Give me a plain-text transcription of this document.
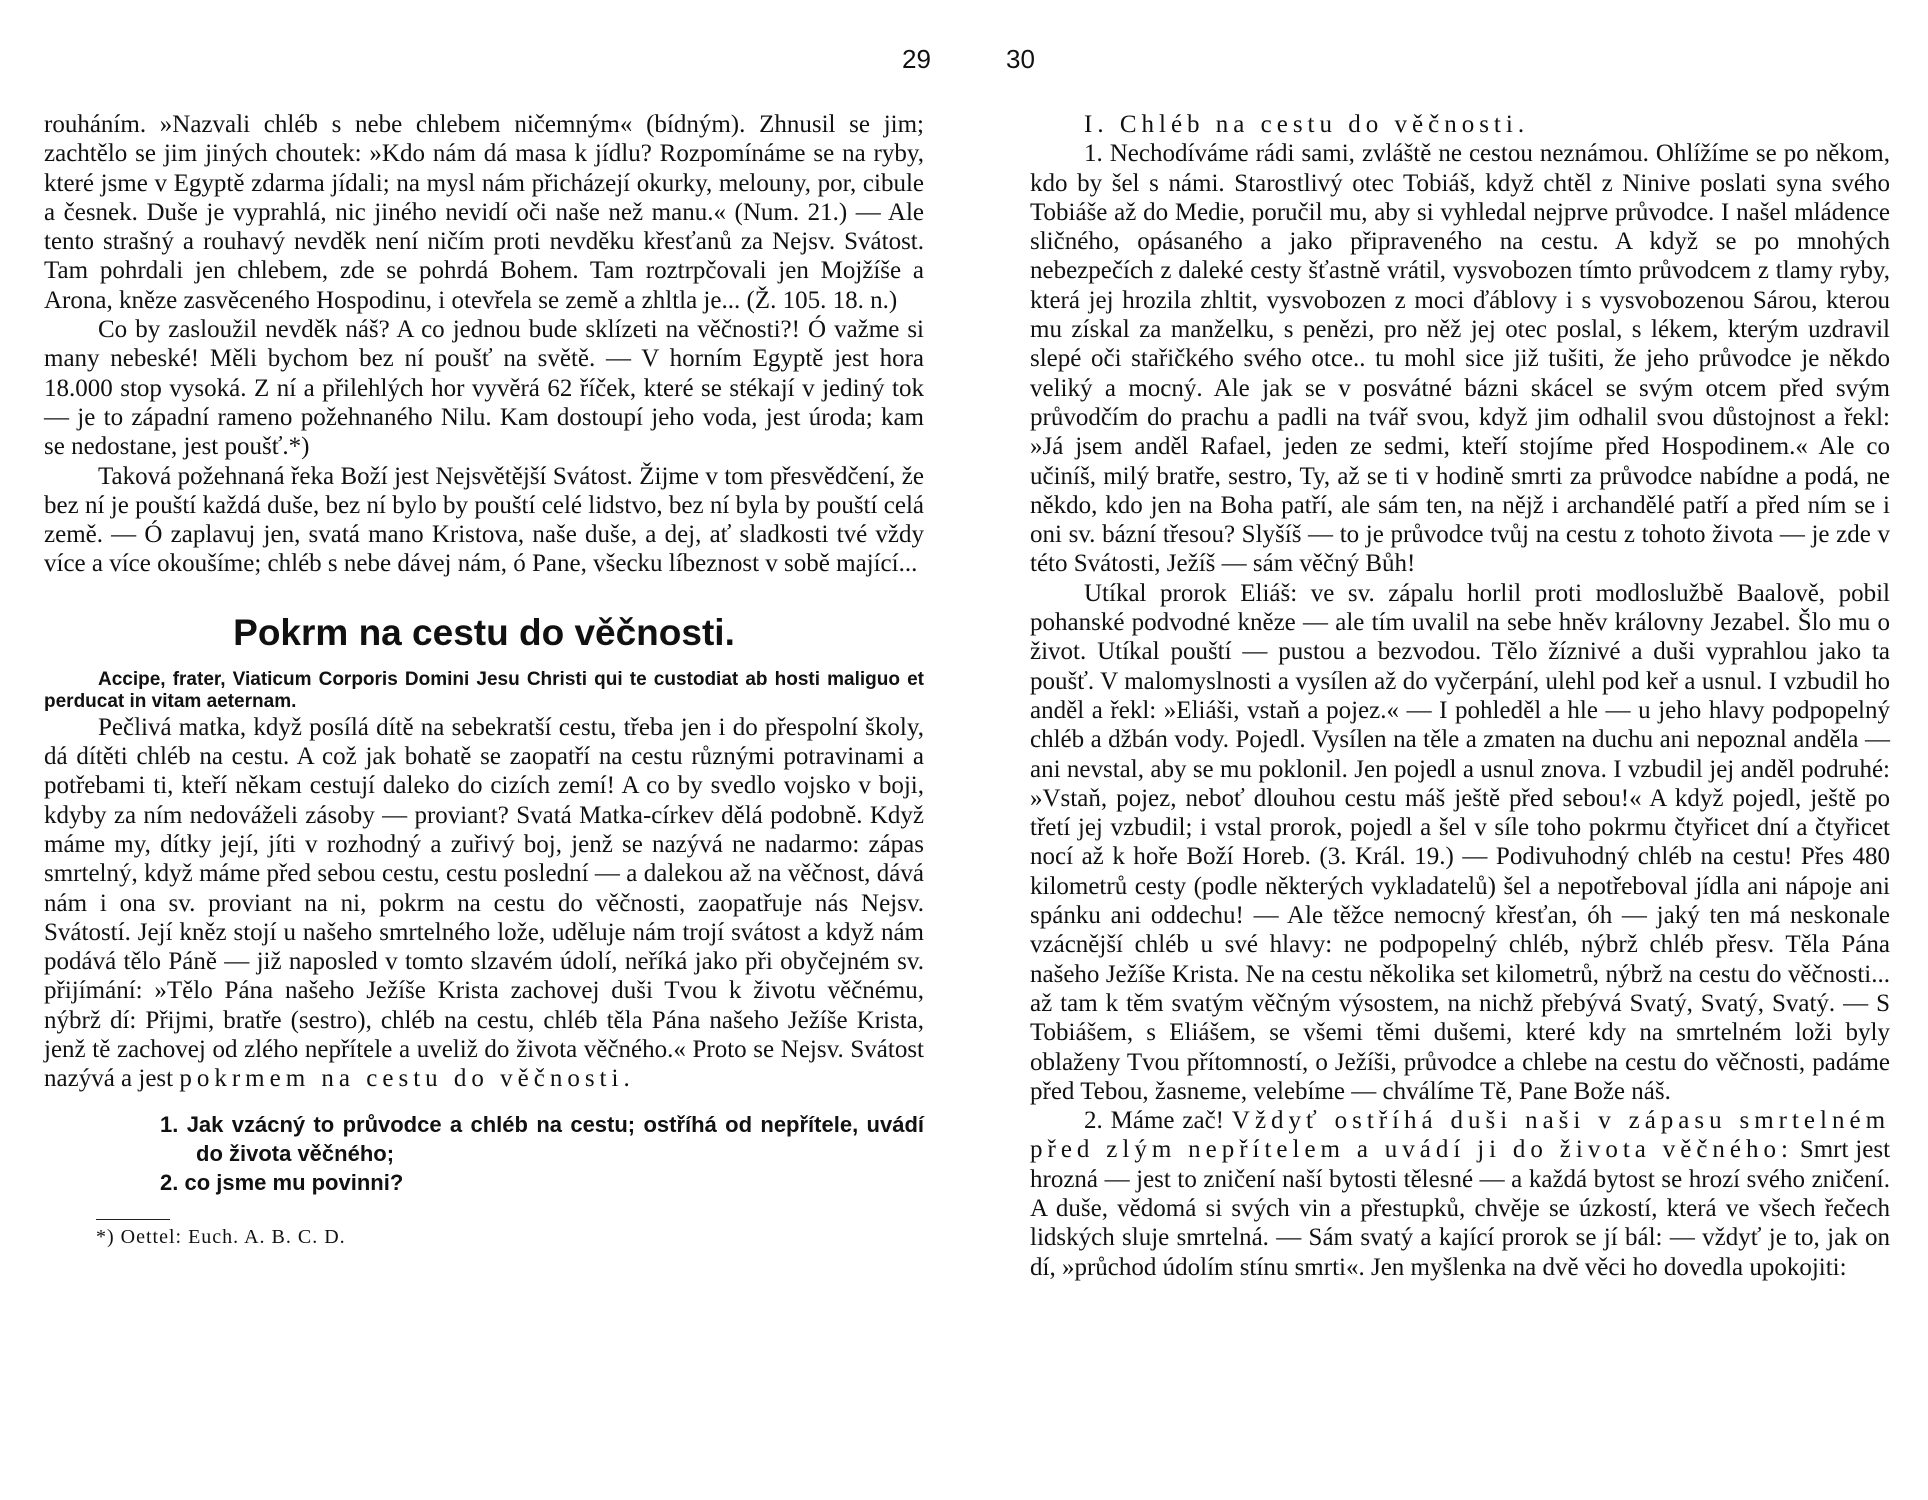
29

rouháním. »Nazvali chléb s nebe chlebem ničemným« (bídným). Zhnusil se jim; zachtělo se jim jiných choutek: »Kdo nám dá masa k jídlu? Rozpomínáme se na ryby, které jsme v Egyptě zdarma jídali; na mysl nám přicházejí okurky, melouny, por, cibule a česnek. Duše je vyprahlá, nic jiného nevidí oči naše než manu.« (Num. 21.) — Ale tento strašný a rouhavý nevděk není ničím proti nevděku křesťanů za Nejsv. Svátost. Tam pohrdali jen chlebem, zde se pohrdá Bohem. Tam roztrpčovali jen Mojžíše a Arona, kněze zasvěceného Hospodinu, i otevřela se země a zhltla je... (Ž. 105. 18. n.)

Co by zasloužil nevděk náš? A co jednou bude sklízeti na věčnosti?! Ó važme si many nebeské! Měli bychom bez ní poušť na světě. — V horním Egyptě jest hora 18.000 stop vysoká. Z ní a přilehlých hor vyvěrá 62 říček, které se stékají v jediný tok — je to západní rameno požehnaného Nilu. Kam dostoupí jeho voda, jest úroda; kam se nedostane, jest poušť.*)

Taková požehnaná řeka Boží jest Nejsvětější Svátost. Žijme v tom přesvědčení, že bez ní je pouští každá duše, bez ní bylo by pouští celé lidstvo, bez ní byla by pouští celá země. — Ó zaplavuj jen, svatá mano Kristova, naše duše, a dej, ať sladkosti tvé vždy více a více okoušíme; chléb s nebe dávej nám, ó Pane, všecku líbeznost v sobě mající...

Pokrm na cestu do věčnosti.

Accipe, frater, Viaticum Corporis Domini Jesu Christi qui te custodiat ab hosti maliguo et perducat in vitam aeternam.

Pečlivá matka, když posílá dítě na sebekratší cestu, třeba jen i do přespolní školy, dá dítěti chléb na cestu. A což jak bohatě se zaopatří na cestu různými potravinami a potřebami ti, kteří někam cestují daleko do cizích zemí! A co by svedlo vojsko v boji, kdyby za ním nedováželi zásoby — proviant? Svatá Matka-církev dělá podobně. Když máme my, dítky její, jíti v rozhodný a zuřivý boj, jenž se nazývá ne nadarmo: zápas smrtelný, když máme před sebou cestu, cestu poslední — a dalekou až na věčnost, dává nám i ona sv. proviant na ni, pokrm na cestu do věčnosti, zaopatřuje nás Nejsv. Svátostí. Její kněz stojí u našeho smrtelného lože, uděluje nám trojí svátost a když nám podává tělo Páně — již naposled v tomto slzavém údolí, neříká jako při obyčejném sv. přijímání: »Tělo Pána našeho Ježíše Krista zachovej duši Tvou k životu věčnému, nýbrž dí: Přijmi, bratře (sestro), chléb na cestu, chléb těla Pána našeho Ježíše Krista, jenž tě zachovej od zlého nepřítele a uveliž do života věčného.« Proto se Nejsv. Svátost nazývá a jest pokrmem na cestu do věčnosti.

1. Jak vzácný to průvodce a chléb na cestu; ostříhá od nepřítele, uvádí do života věčného;
2. co jsme mu povinni?
*) Oettel: Euch. A. B. C. D.
30

I. Chléb na cestu do věčnosti.

1. Nechodíváme rádi sami, zvláště ne cestou neznámou. Ohlížíme se po někom, kdo by šel s námi. Starostlivý otec Tobiáš, když chtěl z Ninive poslati syna svého Tobiáše až do Medie, poručil mu, aby si vyhledal nejprve průvodce. I našel mládence sličného, opásaného a jako připraveného na cestu. A když se po mnohých nebezpečích z daleké cesty šťastně vrátil, vysvobozen tímto průvodcem z tlamy ryby, která jej hrozila zhltit, vysvobozen z moci ďáblovy i s vysvobozenou Sárou, kterou mu získal za manželku, s penězi, pro něž jej otec poslal, s lékem, kterým uzdravil slepé oči stařičkého svého otce.. tu mohl sice již tušiti, že jeho průvodce je někdo veliký a mocný. Ale jak se v posvátné bázni skácel se svým otcem před svým průvodčím do prachu a padli na tvář svou, když jim odhalil svou důstojnost a řekl: »Já jsem anděl Rafael, jeden ze sedmi, kteří stojíme před Hospodinem.« Ale co učiníš, milý bratře, sestro, Ty, až se ti v hodině smrti za průvodce nabídne a podá, ne někdo, kdo jen na Boha patří, ale sám ten, na nějž i archandělé patří a před ním se i oni sv. bázní třesou? Slyšíš — to je průvodce tvůj na cestu z tohoto života — je zde v této Svátosti, Ježíš — sám věčný Bůh!

Utíkal prorok Eliáš: ve sv. zápalu horlil proti modloslužbě Baalově, pobil pohanské podvodné kněze — ale tím uvalil na sebe hněv královny Jezabel. Šlo mu o život. Utíkal pouští — pustou a bezvodou. Tělo žíznivé a duši vyprahlou jako ta poušť. V malomyslnosti a vysílen až do vyčerpání, ulehl pod keř a usnul. I vzbudil ho anděl a řekl: »Eliáši, vstaň a pojez.« — I pohleděl a hle — u jeho hlavy podpopelný chléb a džbán vody. Pojedl. Vysílen na těle a zmaten na duchu ani nepoznal anděla — ani nevstal, aby se mu poklonil. Jen pojedl a usnul znova. I vzbudil jej anděl podruhé: »Vstaň, pojez, neboť dlouhou cestu máš ještě před sebou!« A když pojedl, ještě po třetí jej vzbudil; i vstal prorok, pojedl a šel v síle toho pokrmu čtyřicet dní a čtyřicet nocí až k hoře Boží Horeb. (3. Král. 19.) — Podivuhodný chléb na cestu! Přes 480 kilometrů cesty (podle některých vykladatelů) šel a nepotřeboval jídla ani nápoje ani spánku ani oddechu! — Ale těžce nemocný křesťan, óh — jaký ten má neskonale vzácnější chléb u své hlavy: ne podpopelný chléb, nýbrž chléb přesv. Těla Pána našeho Ježíše Krista. Ne na cestu několika set kilometrů, nýbrž na cestu do věčnosti... až tam k těm svatým věčným výsostem, na nichž přebývá Svatý, Svatý, Svatý. — S Tobiášem, s Eliášem, se všemi těmi dušemi, které kdy na smrtelném loži byly oblaženy Tvou přítomností, o Ježíši, průvodce a chlebe na cestu do věčnosti, padáme před Tebou, žasneme, velebíme — chválíme Tě, Pane Bože náš.

2. Máme zač! Vždyť ostříhá duši naši v zápasu smrtelném před zlým nepřítelem a uvádí ji do života věčného: Smrt jest hrozná — jest to zničení naší bytosti tělesné — a každá bytost se hrozí svého zničení. A duše, vědomá si svých vin a přestupků, chvěje se úzkostí, která ve všech řečech lidských sluje smrtelná. — Sám svatý a kající prorok se jí bál: — vždyť je to, jak on dí, »průchod údolím stínu smrti«. Jen myšlenka na dvě věci ho dovedla upokojiti:
